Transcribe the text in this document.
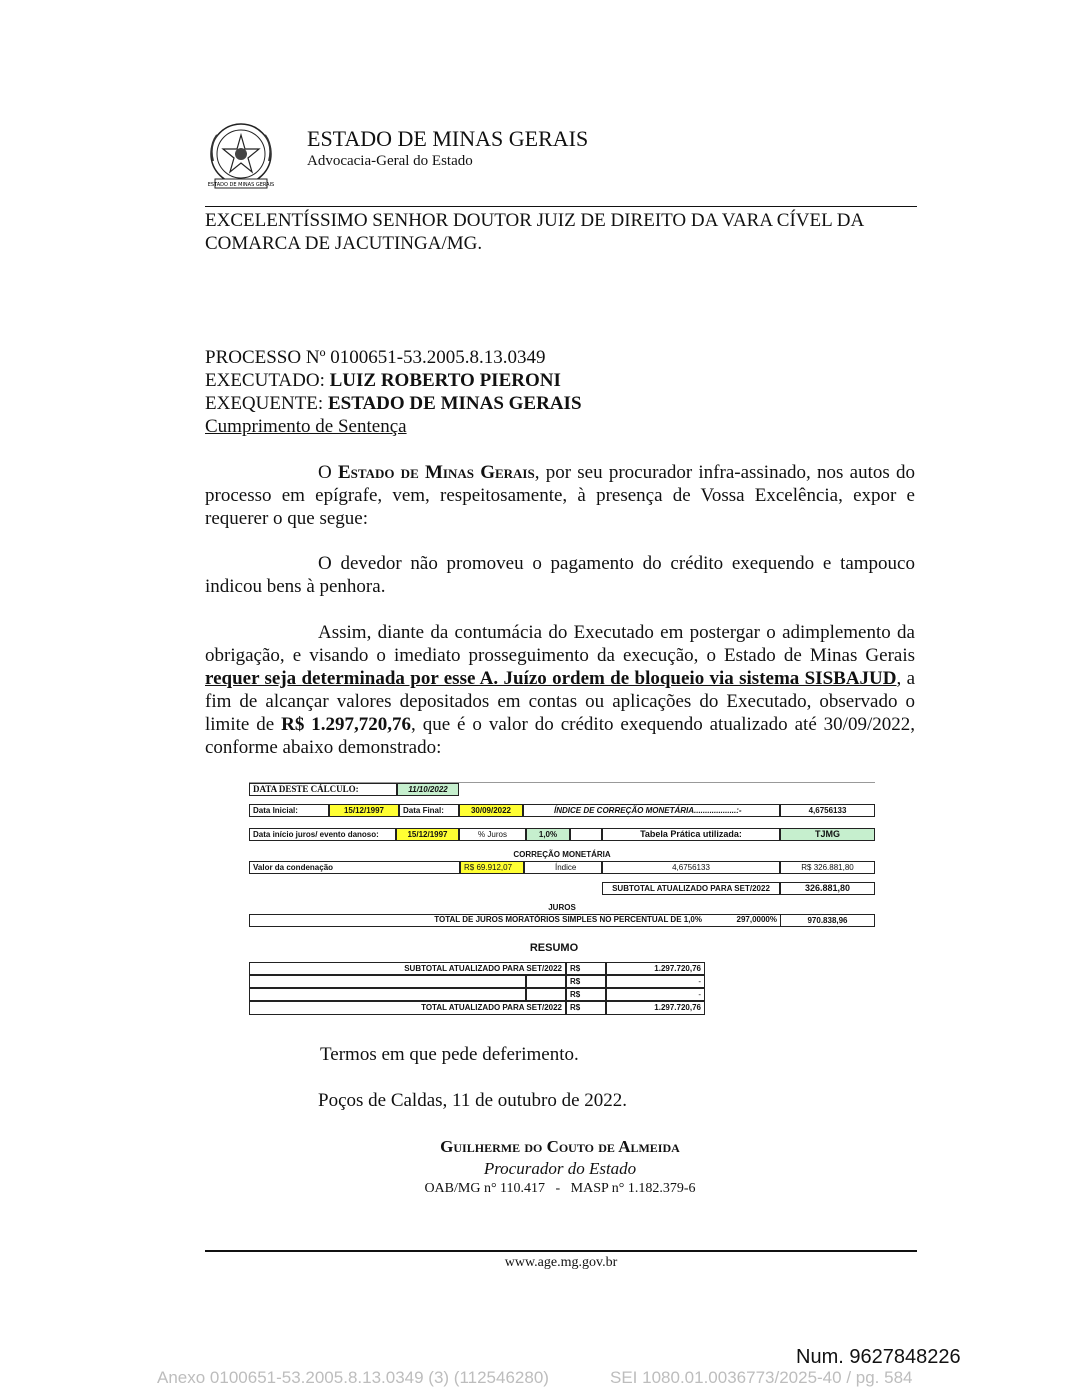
ESTADO DE MINAS GERAIS
ESTADO DE MINAS GERAIS
Advocacia-Geral do Estado
EXCELENTÍSSIMO SENHOR DOUTOR JUIZ DE DIREITO DA VARA CÍVEL DA
COMARCA DE JACUTINGA/MG.
PROCESSO Nº 0100651-53.2005.8.13.0349
EXECUTADO: LUIZ ROBERTO PIERONI
EXEQUENTE: ESTADO DE MINAS GERAIS
Cumprimento de Sentença
O Estado de Minas Gerais, por seu procurador infra-assinado, nos autos do processo em epígrafe, vem, respeitosamente, à presença de Vossa Excelência, expor e requerer o que segue:
O devedor não promoveu o pagamento do crédito exequendo e tampouco indicou bens à penhora.
Assim, diante da contumácia do Executado em postergar o adimplemento da obrigação, e visando o imediato prosseguimento da execução, o Estado de Minas Gerais requer seja determinada por esse A. Juízo ordem de bloqueio via sistema SISBAJUD, a fim de alcançar valores depositados em contas ou aplicações do Executado, observado o limite de R$ 1.297,720,76, que é o valor do crédito exequendo atualizado até 30/09/2022, conforme abaixo demonstrado:
DATA DESTE CÁLCULO:	11/10/2022
Data Inicial:	15/12/1997	Data Final:	30/09/2022	ÍNDICE DE CORREÇÃO MONETÁRIA...................:-	4,6756133
Data início juros/ evento danoso:	15/12/1997	% Juros	1,0%	Tabela Prática utilizada:	TJMG
CORREÇÃO MONETÁRIA
Valor da condenação	R$ 69.912,07	Índice	4,6756133	R$ 326.881,80
SUBTOTAL ATUALIZADO PARA SET/2022	326.881,80
JUROS
TOTAL DE JUROS MORATÓRIOS SIMPLES NO PERCENTUAL DE 1,0%	297,0000%	970.838,96
RESUMO
SUBTOTAL ATUALIZADO PARA SET/2022	R$	1.297.720,76
R$	-
R$	-
TOTAL ATUALIZADO PARA SET/2022	R$	1.297.720,76
Termos em que pede deferimento.
Poços de Caldas, 11 de outubro de 2022.
Guilherme do Couto de Almeida
Procurador do Estado
OAB/MG n° 110.417   -   MASP n° 1.182.379-6
www.age.mg.gov.br
Num. 9627848226
Anexo 0100651-53.2005.8.13.0349 (3) (112546280)	SEI 1080.01.0036773/2025-40 / pg. 584
